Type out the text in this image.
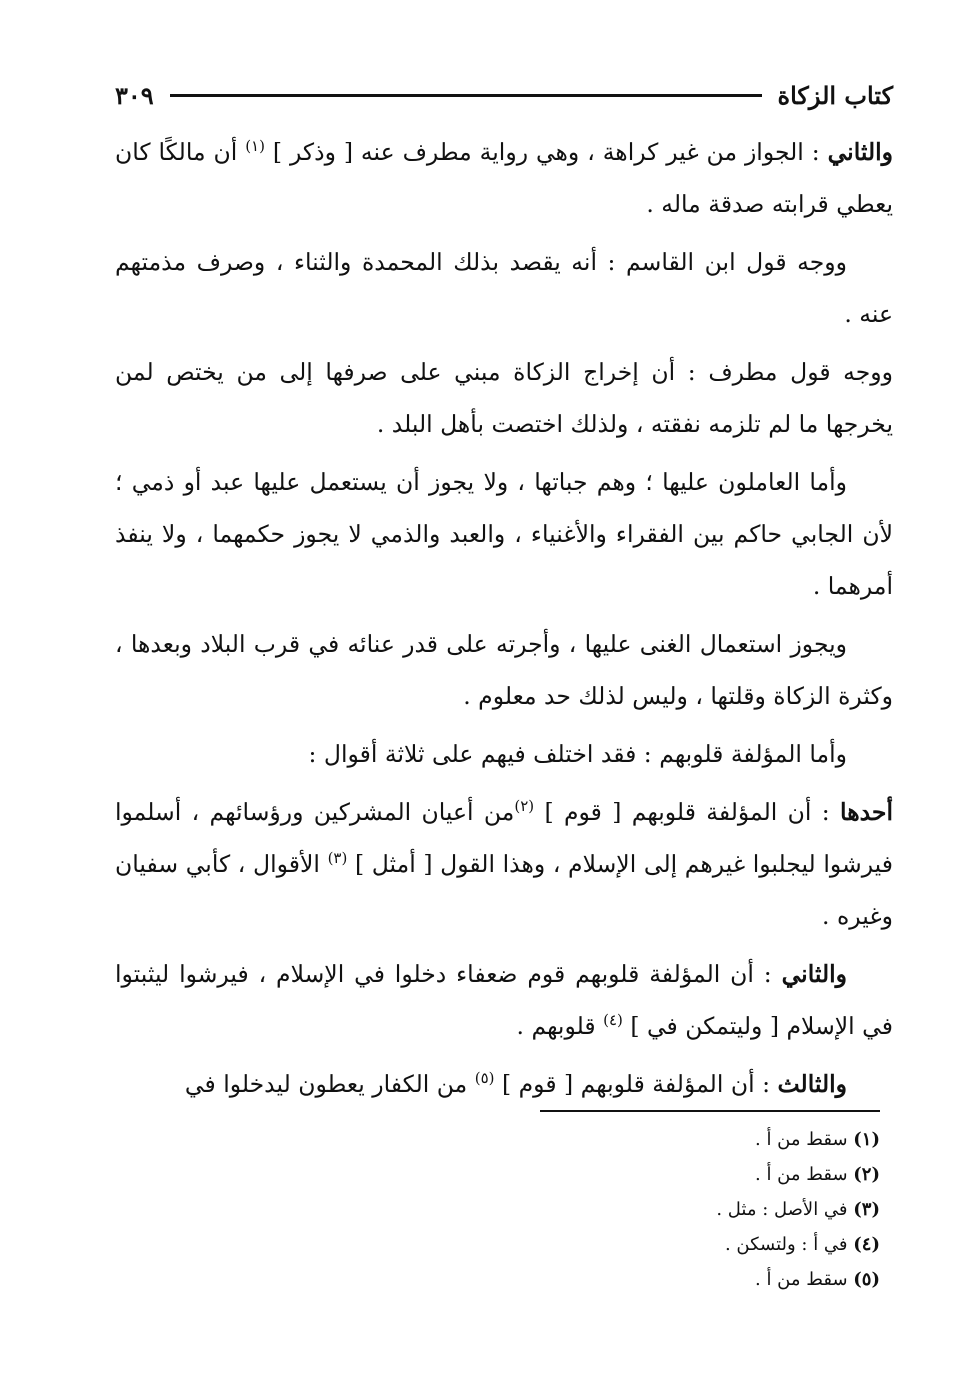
كتاب الزكاة
٣٠٩

والثاني : الجواز من غير كراهة ، وهي رواية مطرف عنه [ وذكر ] $^{(١)}$ أن مالكًا كان يعطي قرابته صدقة ماله .

ووجه قول ابن القاسم : أنه يقصد بذلك المحمدة والثناء ، وصرف مذمتهم عنه .

ووجه قول مطرف : أن إخراج الزكاة مبني على صرفها إلى من يختص لمن يخرجها ما لم تلزمه نفقته ، ولذلك اختصت بأهل البلد .

وأما العاملون عليها ؛ وهم جباتها ، ولا يجوز أن يستعمل عليها عبد أو ذمي ؛ لأن الجابي حاكم بين الفقراء والأغنياء ، والعبد والذمي لا يجوز حكمهما ، ولا ينفذ أمرهما .

ويجوز استعمال الغنى عليها ، وأجرته على قدر عنائه في قرب البلاد وبعدها ، وكثرة الزكاة وقلتها ، وليس لذلك حد معلوم .

وأما المؤلفة قلوبهم : فقد اختلف فيهم على ثلاثة أقوال :

أحدها : أن المؤلفة قلوبهم [ قوم ] $^{(٢)}$من أعيان المشركين ورؤسائهم ، أسلموا فيرشوا ليجلبوا غيرهم إلى الإسلام ، وهذا القول [ أمثل ] $^{(٣)}$ الأقوال ، كأبي سفيان وغيره .

والثاني : أن المؤلفة قلوبهم قوم ضعفاء دخلوا في الإسلام ، فيرشوا ليثبتوا في الإسلام [ وليتمكن في ] $^{(٤)}$ قلوبهم .

والثالث : أن المؤلفة قلوبهم [ قوم ] $^{(٥)}$ من الكفار يعطون ليدخلوا في

(١) سقط من أ .
(٢) سقط من أ .
(٣) في الأصل : مثل .
(٤) في أ : ولتسكن .
(٥) سقط من أ .
